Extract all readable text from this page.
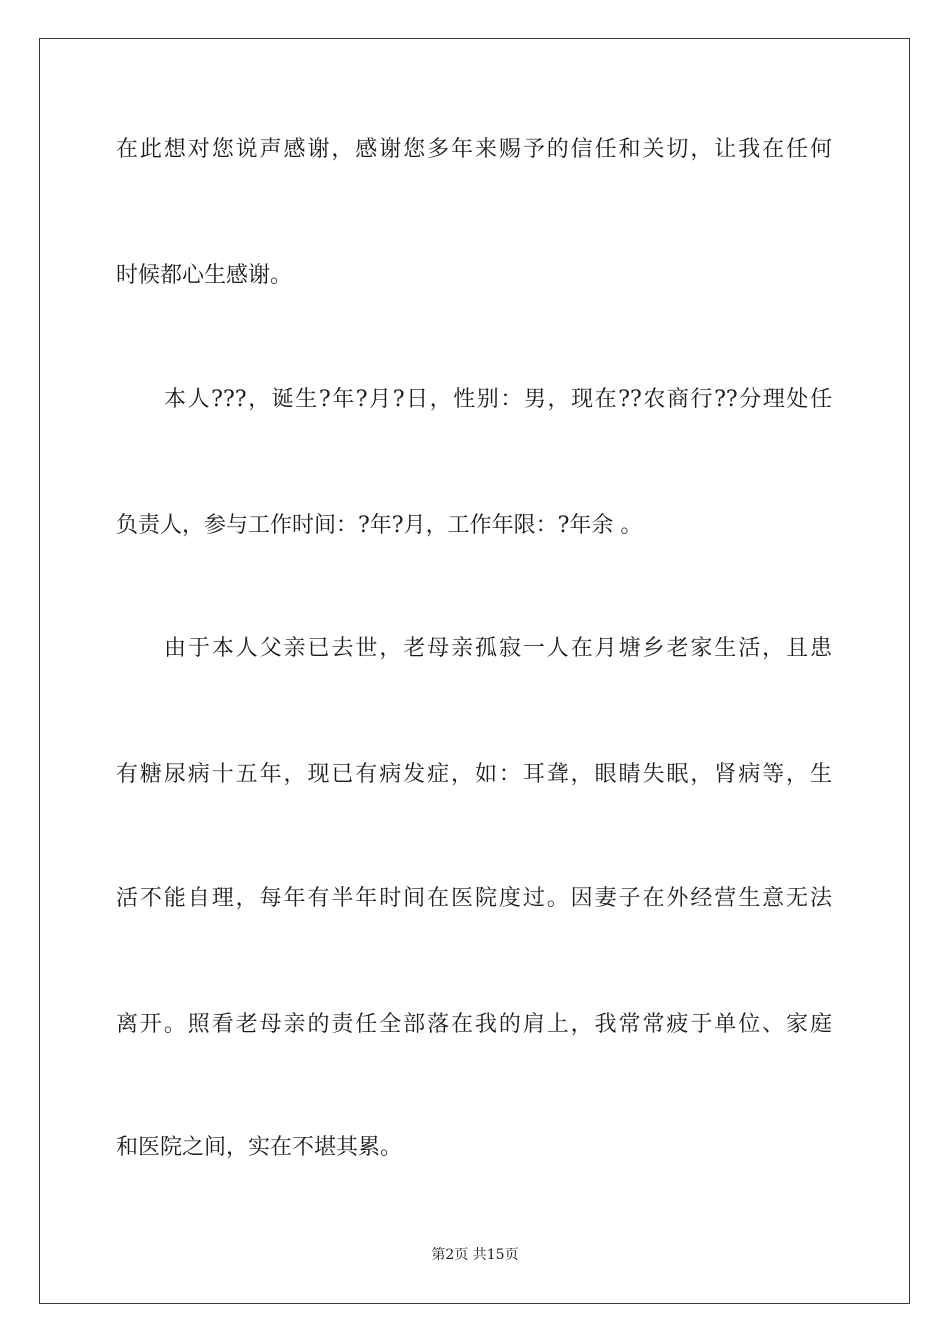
在此想对您说声感谢，感谢您多年来赐予的信任和关切，让我在任何

时候都心生感谢。

本人???，诞生?年?月?日，性别：男，现在??农商行??分理处任

负责人，参与工作时间：?年?月，工作年限：?年余 。

由于本人父亲已去世，老母亲孤寂一人在月塘乡老家生活，且患

有糖尿病十五年，现已有病发症，如：耳聋，眼睛失眠，肾病等，生

活不能自理，每年有半年时间在医院度过。因妻子在外经营生意无法

离开。照看老母亲的责任全部落在我的肩上，我常常疲于单位、家庭

和医院之间，实在不堪其累。

第2页 共15页
